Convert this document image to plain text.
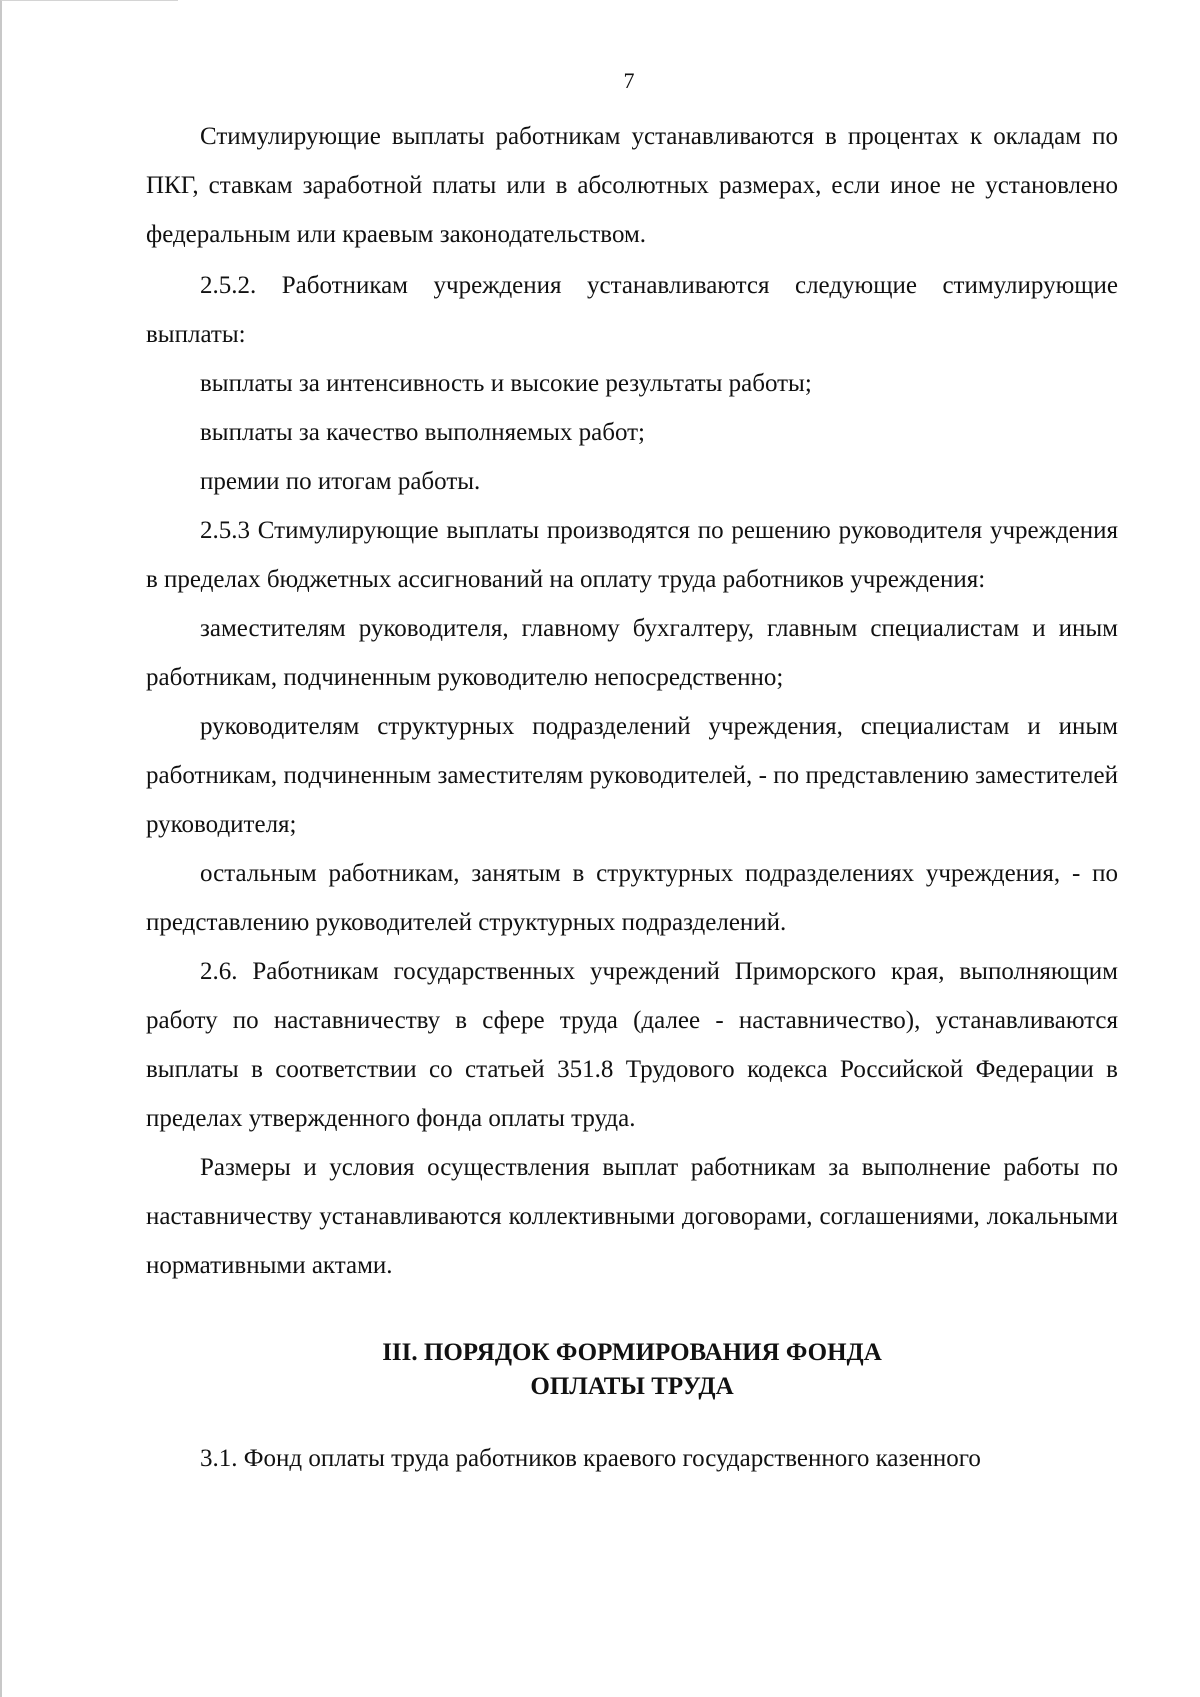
7

Стимулирующие выплаты работникам устанавливаются в процентах к окладам по ПКГ, ставкам заработной платы или в абсолютных размерах, если иное не установлено федеральным или краевым законодательством.

2.5.2. Работникам учреждения устанавливаются следующие стимулирующие выплаты:

выплаты за интенсивность и высокие результаты работы;

выплаты за качество выполняемых работ;

премии по итогам работы.

2.5.3 Стимулирующие выплаты производятся по решению руководителя учреждения в пределах бюджетных ассигнований на оплату труда работников учреждения:

заместителям руководителя, главному бухгалтеру, главным специалистам и иным работникам, подчиненным руководителю непосредственно;

руководителям структурных подразделений учреждения, специалистам и иным работникам, подчиненным заместителям руководителей, - по представлению заместителей руководителя;

остальным работникам, занятым в структурных подразделениях учреждения, - по представлению руководителей структурных подразделений.

2.6. Работникам государственных учреждений Приморского края, выполняющим работу по наставничеству в сфере труда (далее - наставничество), устанавливаются выплаты в соответствии со статьей 351.8 Трудового кодекса Российской Федерации в пределах утвержденного фонда оплаты труда.

Размеры и условия осуществления выплат работникам за выполнение работы по наставничеству устанавливаются коллективными договорами, соглашениями, локальными нормативными актами.

III. ПОРЯДОК ФОРМИРОВАНИЯ ФОНДА
ОПЛАТЫ ТРУДА

3.1. Фонд оплаты труда работников краевого государственного казенного
